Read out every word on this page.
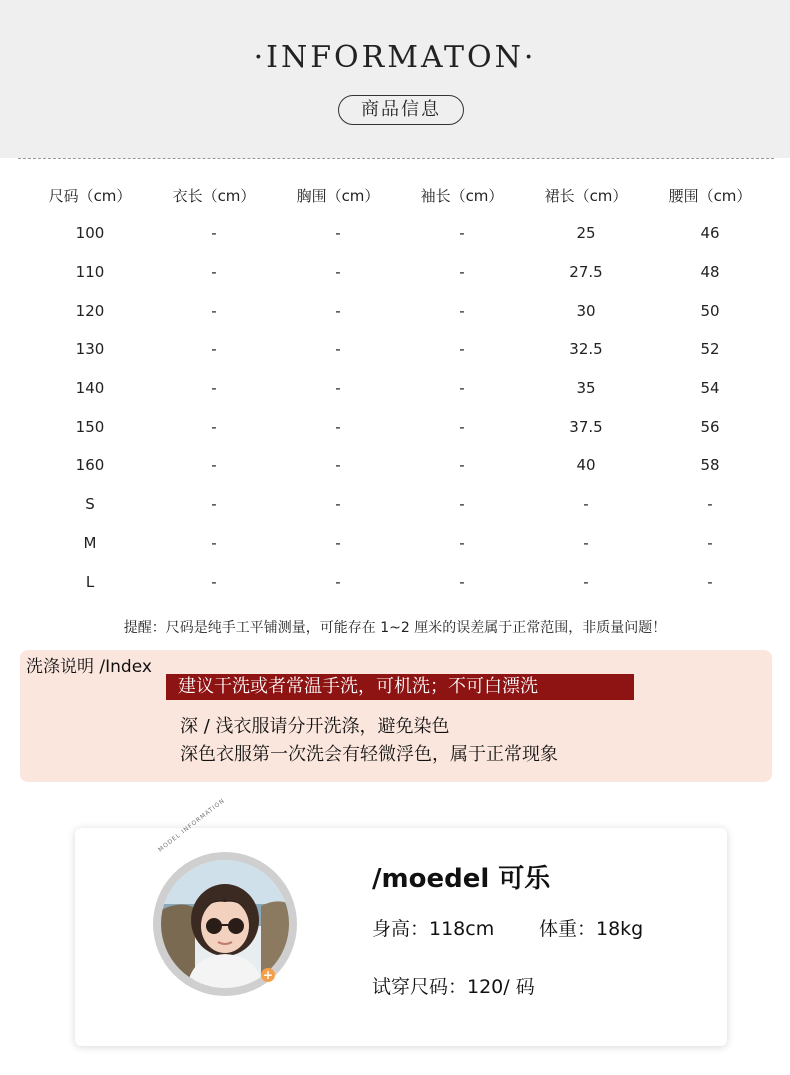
·INFORMATON·
商品信息
尺码（cm）	衣长（cm）	胸围（cm）	袖长（cm）	裙长（cm）	腰围（cm）
100	-	-	-	25	46
110	-	-	-	27.5	48
120	-	-	-	30	50
130	-	-	-	32.5	52
140	-	-	-	35	54
150	-	-	-	37.5	56
160	-	-	-	40	58
S	-	-	-	-	-
M	-	-	-	-	-
L	-	-	-	-	-
提醒：尺码是纯手工平铺测量，可能存在 1~2 厘米的误差属于正常范围，非质量问题！
洗涤说明 /Index
建议干洗或者常温手洗，可机洗；不可白漂洗
深 / 浅衣服请分开洗涤，避免染色
深色衣服第一次洗会有轻微浮色，属于正常现象
MODEL INFORMATION
+
/moedel 可乐
身高：118cm 体重：18kg
试穿尺码：120/ 码
